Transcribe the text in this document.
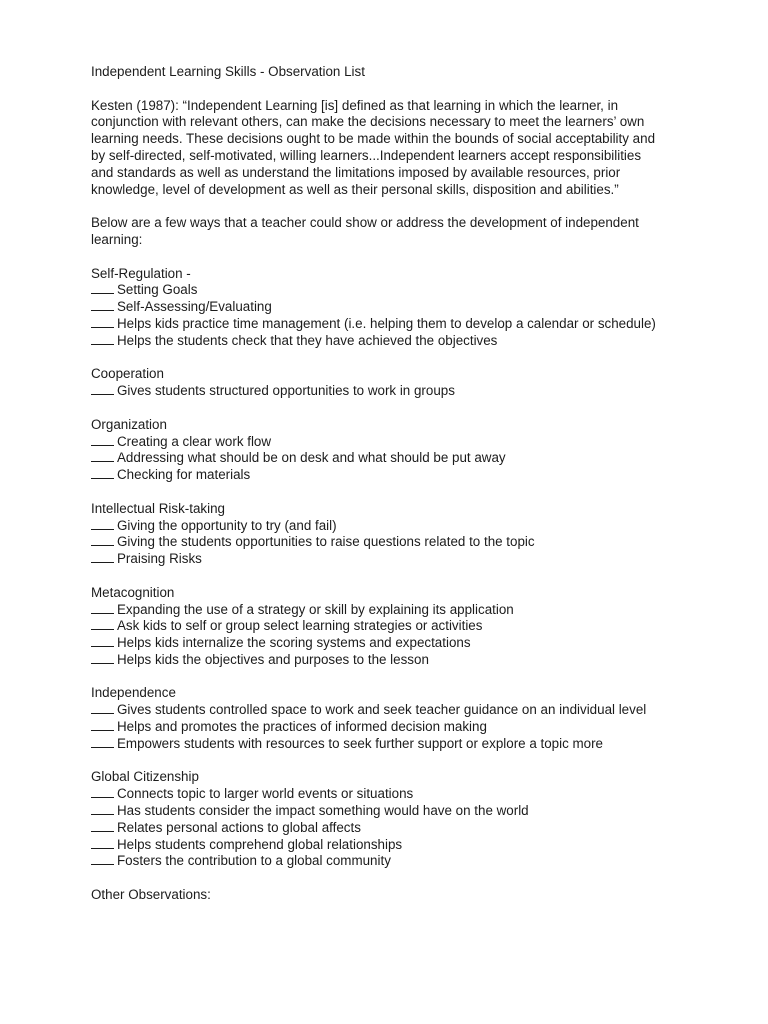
Independent Learning Skills - Observation List

Kesten (1987): “Independent Learning [is] defined as that learning in which the learner, in
conjunction with relevant others, can make the decisions necessary to meet the learners’ own
learning needs. These decisions ought to be made within the bounds of social acceptability and
by self-directed, self-motivated, willing learners...Independent learners accept responsibilities
and standards as well as understand the limitations imposed by available resources, prior
knowledge, level of development as well as their personal skills, disposition and abilities.”

Below are a few ways that a teacher could show or address the development of independent
learning:

Self-Regulation -

Setting Goals

Self-Assessing/Evaluating

Helps kids practice time management (i.e. helping them to develop a calendar or schedule)

Helps the students check that they have achieved the objectives

Cooperation

Gives students structured opportunities to work in groups

Organization

Creating a clear work flow

Addressing what should be on desk and what should be put away

Checking for materials

Intellectual Risk-taking

Giving the opportunity to try (and fail)

Giving the students opportunities to raise questions related to the topic

Praising Risks

Metacognition

Expanding the use of a strategy or skill by explaining its application

Ask kids to self or group select learning strategies or activities

Helps kids internalize the scoring systems and expectations

Helps kids the objectives and purposes to the lesson

Independence

Gives students controlled space to work and seek teacher guidance on an individual level

Helps and promotes the practices of informed decision making

Empowers students with resources to seek further support or explore a topic more

Global Citizenship

Connects topic to larger world events or situations

Has students consider the impact something would have on the world

Relates personal actions to global affects

Helps students comprehend global relationships

Fosters the contribution to a global community

Other Observations:
